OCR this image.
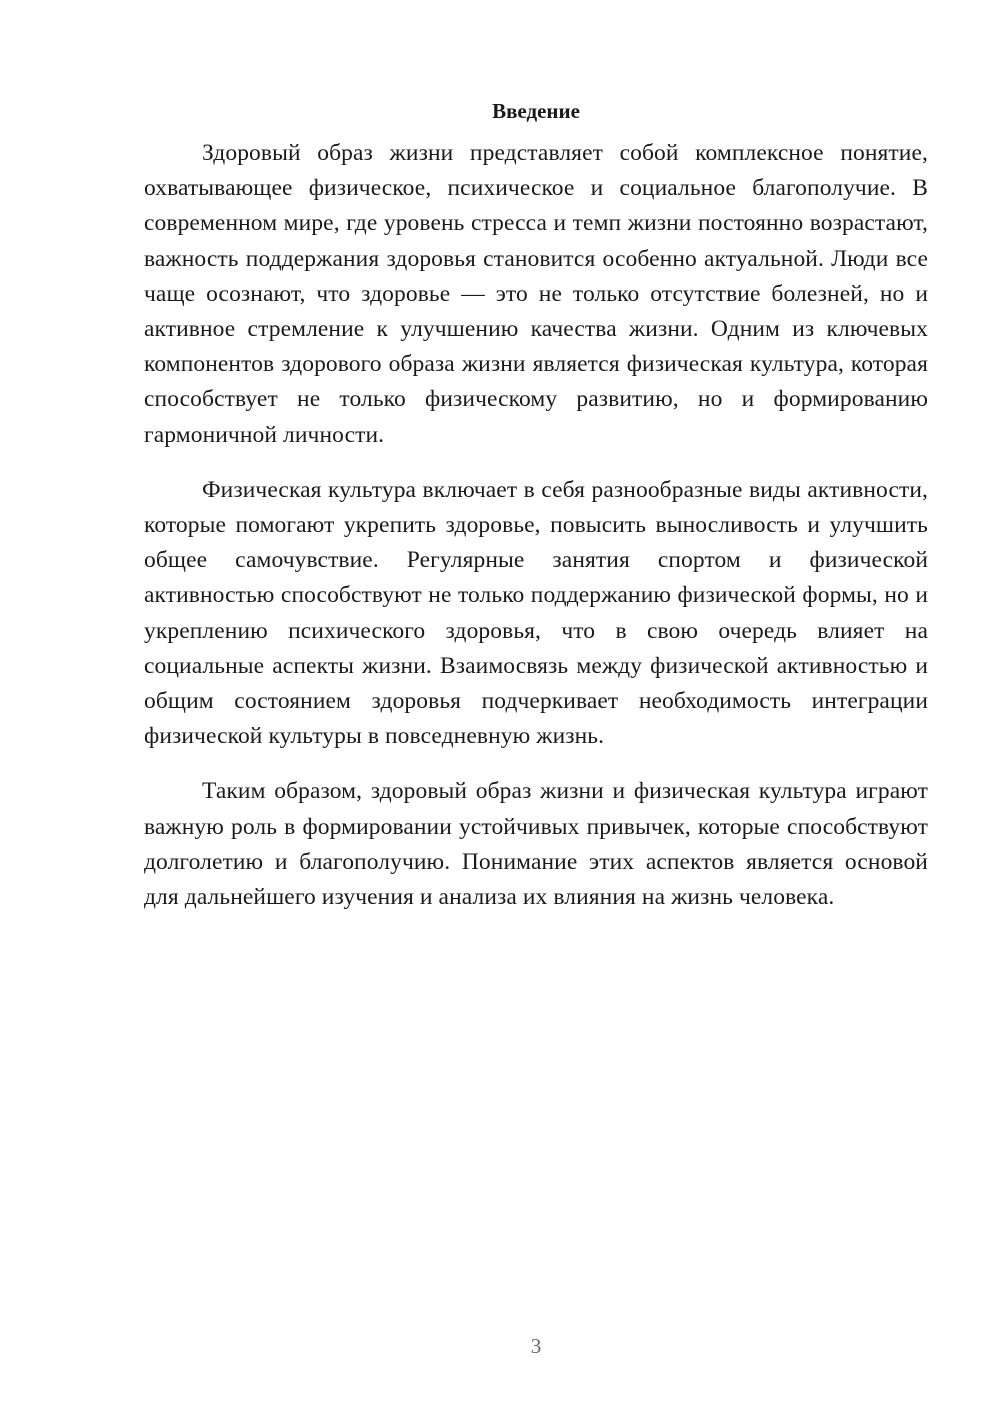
Введение

Здоровый образ жизни представляет собой комплексное понятие, охватывающее физическое, психическое и социальное благополучие. В современном мире, где уровень стресса и темп жизни постоянно возрастают, важность поддержания здоровья становится особенно актуальной. Люди все чаще осознают, что здоровье — это не только отсутствие болезней, но и активное стремление к улучшению качества жизни. Одним из ключевых компонентов здорового образа жизни является физическая культура, которая способствует не только физическому развитию, но и формированию гармоничной личности.

Физическая культура включает в себя разнообразные виды активности, которые помогают укрепить здоровье, повысить выносливость и улучшить общее самочувствие. Регулярные занятия спортом и физической активностью способствуют не только поддержанию физической формы, но и укреплению психического здоровья, что в свою очередь влияет на социальные аспекты жизни. Взаимосвязь между физической активностью и общим состоянием здоровья подчеркивает необходимость интеграции физической культуры в повседневную жизнь.

Таким образом, здоровый образ жизни и физическая культура играют важную роль в формировании устойчивых привычек, которые способствуют долголетию и благополучию. Понимание этих аспектов является основой для дальнейшего изучения и анализа их влияния на жизнь человека.

3
